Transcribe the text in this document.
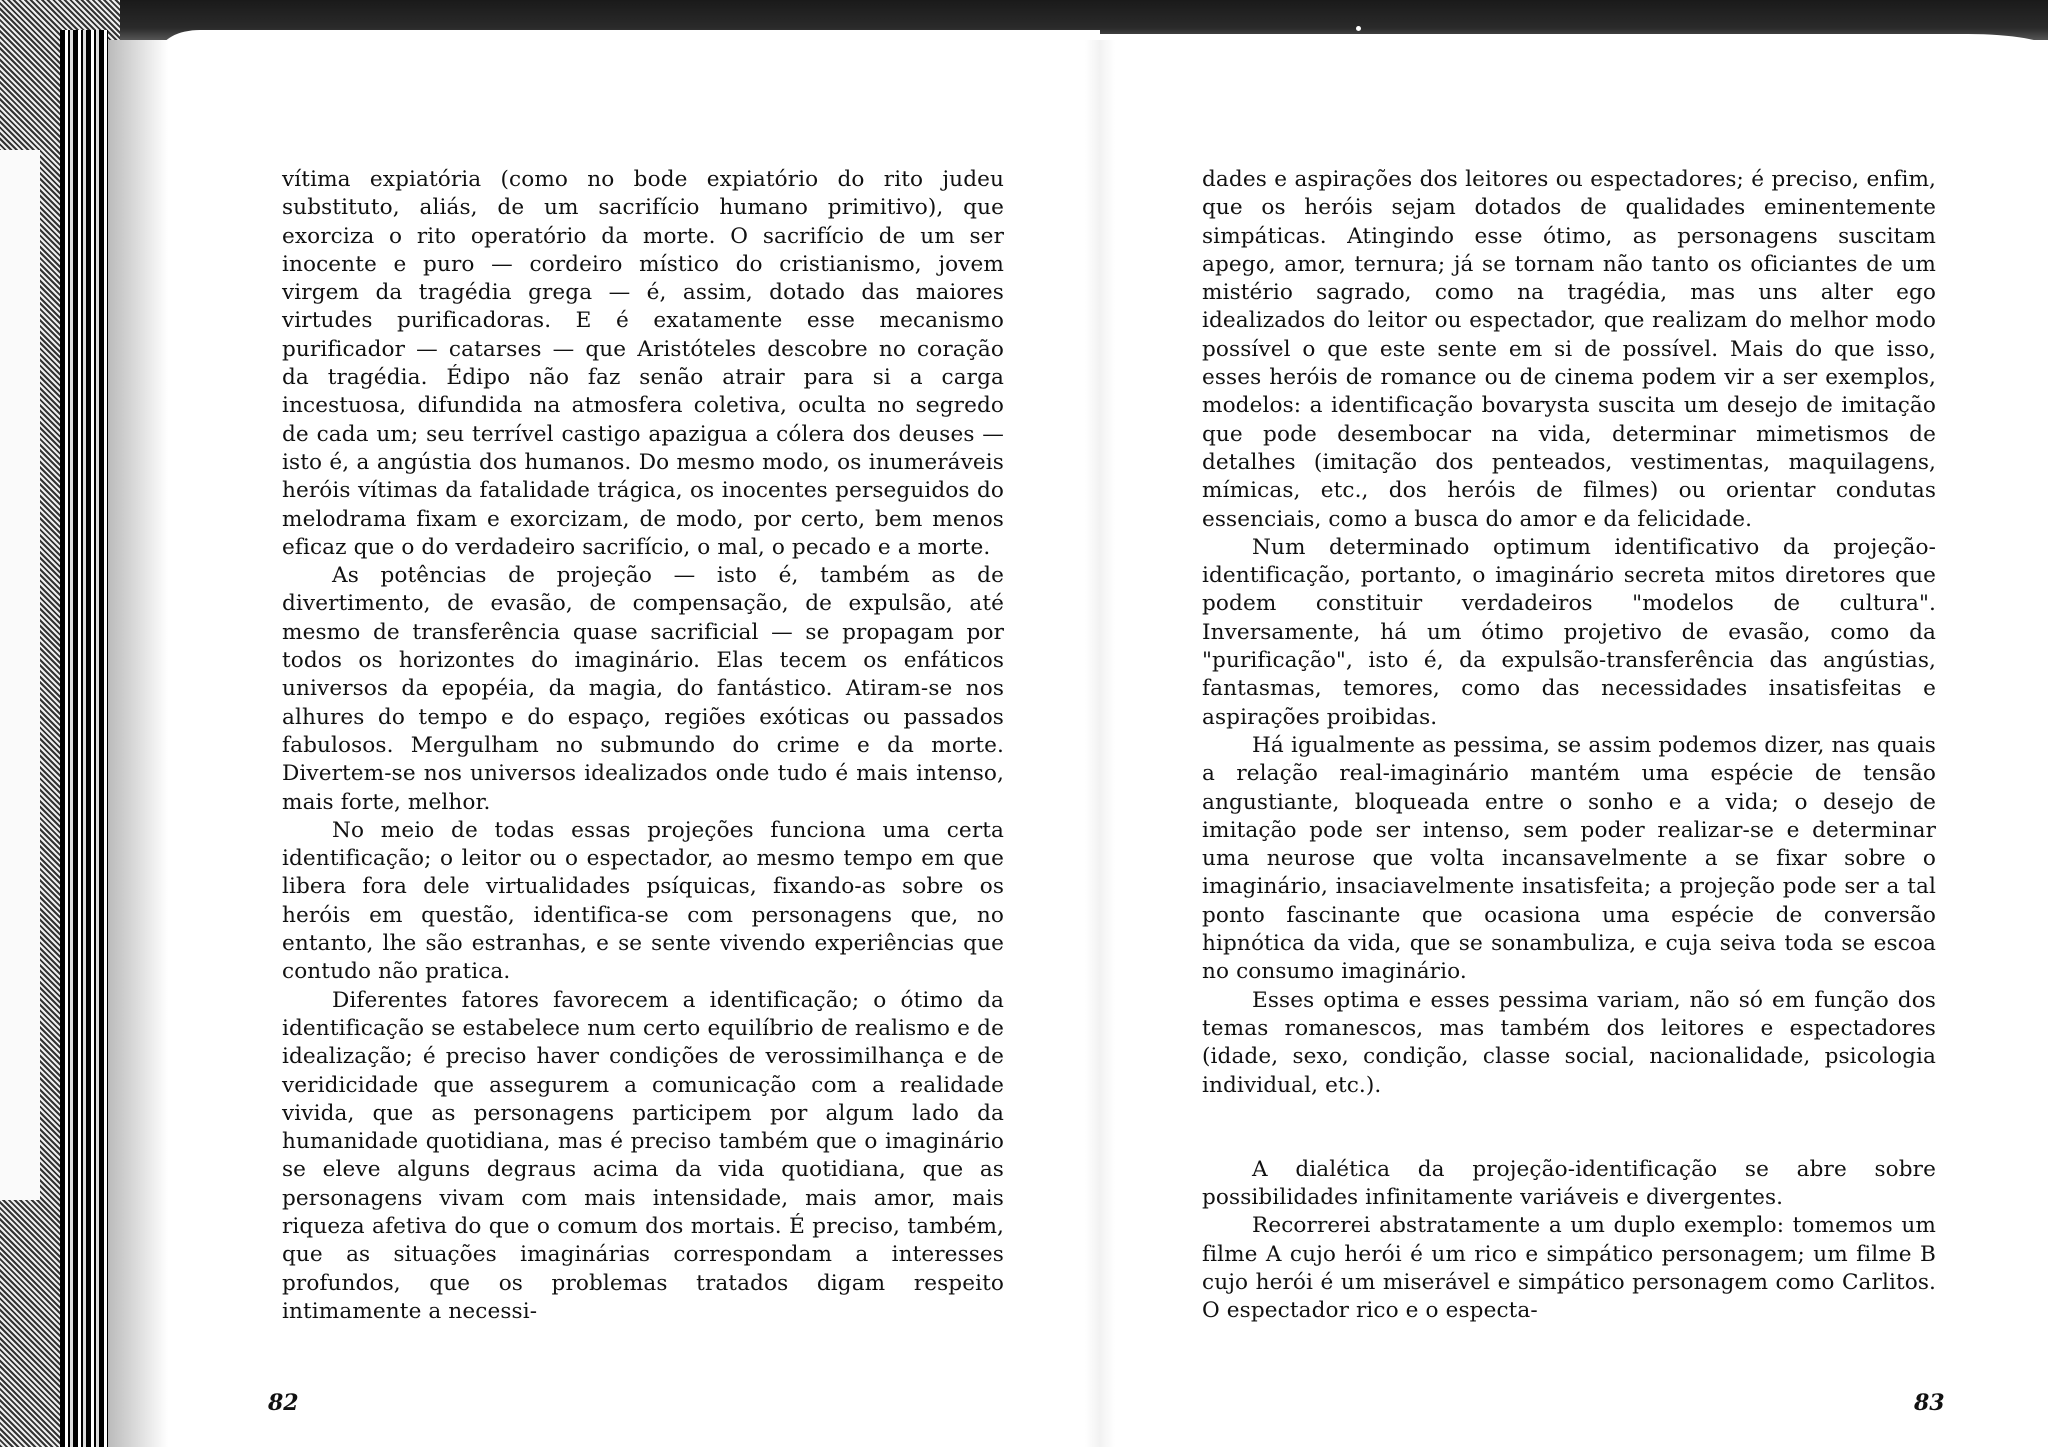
vítima expiatória (como no bode expiatório do rito judeu substituto, aliás, de um sacrifício humano primitivo), que exorciza o rito operatório da morte. O sacrifício de um ser inocente e puro — cordeiro místico do cristianismo, jovem virgem da tragédia grega — é, assim, dotado das maiores virtudes purificadoras. E é exatamente esse mecanismo purificador — catarses — que Aristóteles descobre no coração da tragédia. Édipo não faz senão atrair para si a carga incestuosa, difundida na atmosfera coletiva, oculta no segredo de cada um; seu terrível castigo apazigua a cólera dos deuses — isto é, a angústia dos humanos. Do mesmo modo, os inumeráveis heróis vítimas da fatalidade trágica, os inocentes perseguidos do melodrama fixam e exorcizam, de modo, por certo, bem menos eficaz que o do verdadeiro sacrifício, o mal, o pecado e a morte.

As potências de projeção — isto é, também as de divertimento, de evasão, de compensação, de expulsão, até mesmo de transferência quase sacrificial — se propagam por todos os horizontes do imaginário. Elas tecem os enfáticos universos da epopéia, da magia, do fantástico. Atiram-se nos alhures do tempo e do espaço, regiões exóticas ou passados fabulosos. Mergulham no submundo do crime e da morte. Divertem-se nos universos idealizados onde tudo é mais intenso, mais forte, melhor.

No meio de todas essas projeções funciona uma certa identificação; o leitor ou o espectador, ao mesmo tempo em que libera fora dele virtualidades psíquicas, fixando-as sobre os heróis em questão, identifica-se com personagens que, no entanto, lhe são estranhas, e se sente vivendo experiências que contudo não pratica.

Diferentes fatores favorecem a identificação; o ótimo da identificação se estabelece num certo equilíbrio de realismo e de idealização; é preciso haver condições de verossimilhança e de veridicidade que assegurem a comunicação com a realidade vivida, que as personagens participem por algum lado da humanidade quotidiana, mas é preciso também que o imaginário se eleve alguns degraus acima da vida quotidiana, que as personagens vivam com mais intensidade, mais amor, mais riqueza afetiva do que o comum dos mortais. É preciso, também, que as situações imaginárias correspondam a interesses profundos, que os problemas tratados digam respeito intimamente a necessi-

dades e aspirações dos leitores ou espectadores; é preciso, enfim, que os heróis sejam dotados de qualidades eminentemente simpáticas. Atingindo esse ótimo, as personagens suscitam apego, amor, ternura; já se tornam não tanto os oficiantes de um mistério sagrado, como na tragédia, mas uns alter ego idealizados do leitor ou espectador, que realizam do melhor modo possível o que este sente em si de possível. Mais do que isso, esses heróis de romance ou de cinema podem vir a ser exemplos, modelos: a identificação bovarysta suscita um desejo de imitação que pode desembocar na vida, determinar mimetismos de detalhes (imitação dos penteados, vestimentas, maquilagens, mímicas, etc., dos heróis de filmes) ou orientar condutas essenciais, como a busca do amor e da felicidade.

Num determinado optimum identificativo da projeção-identificação, portanto, o imaginário secreta mitos diretores que podem constituir verdadeiros "modelos de cultura". Inversamente, há um ótimo projetivo de evasão, como da "purificação", isto é, da expulsão-transferência das angústias, fantasmas, temores, como das necessidades insatisfeitas e aspirações proibidas.

Há igualmente as pessima, se assim podemos dizer, nas quais a relação real-imaginário mantém uma espécie de tensão angustiante, bloqueada entre o sonho e a vida; o desejo de imitação pode ser intenso, sem poder realizar-se e determinar uma neurose que volta incansavelmente a se fixar sobre o imaginário, insaciavelmente insatisfeita; a projeção pode ser a tal ponto fascinante que ocasiona uma espécie de conversão hipnótica da vida, que se sonambuliza, e cuja seiva toda se escoa no consumo imaginário.

Esses optima e esses pessima variam, não só em função dos temas romanescos, mas também dos leitores e espectadores (idade, sexo, condição, classe social, nacionalidade, psicologia individual, etc.).

A dialética da projeção-identificação se abre sobre possibilidades infinitamente variáveis e divergentes.

Recorrerei abstratamente a um duplo exemplo: tomemos um filme A cujo herói é um rico e simpático personagem; um filme B cujo herói é um miserável e simpático personagem como Carlitos. O espectador rico e o especta-

82	83
